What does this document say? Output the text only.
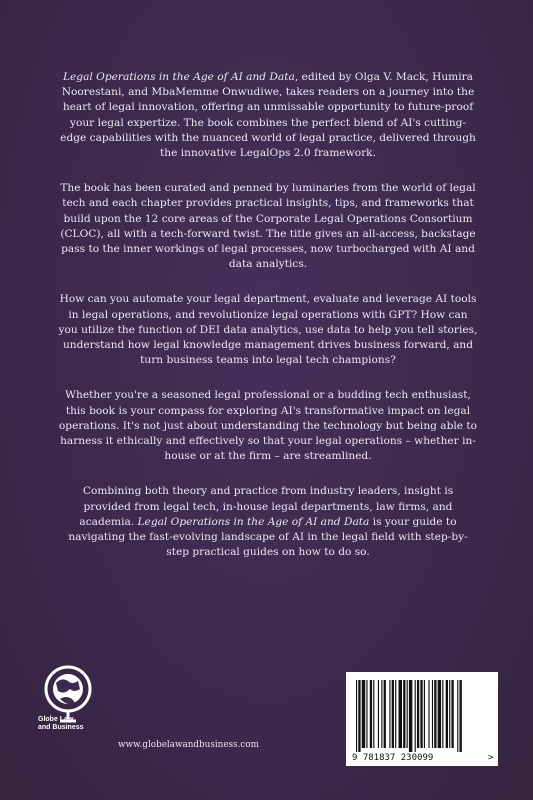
Legal Operations in the Age of AI and Data, edited by Olga V. Mack, Humira Noorestani, and MbaMemme Onwudiwe, takes readers on a journey into the heart of legal innovation, offering an unmissable opportunity to future-proof your legal expertize. The book combines the perfect blend of AI's cutting-edge capabilities with the nuanced world of legal practice, delivered through the innovative LegalOps 2.0 framework.

The book has been curated and penned by luminaries from the world of legal tech and each chapter provides practical insights, tips, and frameworks that build upon the 12 core areas of the Corporate Legal Operations Consortium (CLOC), all with a tech-forward twist. The title gives an all-access, backstage pass to the inner workings of legal processes, now turbocharged with AI and data analytics.

How can you automate your legal department, evaluate and leverage AI tools in legal operations, and revolutionize legal operations with GPT? How can you utilize the function of DEI data analytics, use data to help you tell stories, understand how legal knowledge management drives business forward, and turn business teams into legal tech champions?

Whether you're a seasoned legal professional or a budding tech enthusiast, this book is your compass for exploring AI's transformative impact on legal operations. It's not just about understanding the technology but being able to harness it ethically and effectively so that your legal operations – whether in-house or at the firm – are streamlined.

Combining both theory and practice from industry leaders, insight is provided from legal tech, in-house legal departments, law firms, and academia. Legal Operations in the Age of AI and Data is your guide to navigating the fast-evolving landscape of AI in the legal field with step-by-step practical guides on how to do so.

Globe Law
and Business
www.globelawandbusiness.com
9 781837 230099	>
